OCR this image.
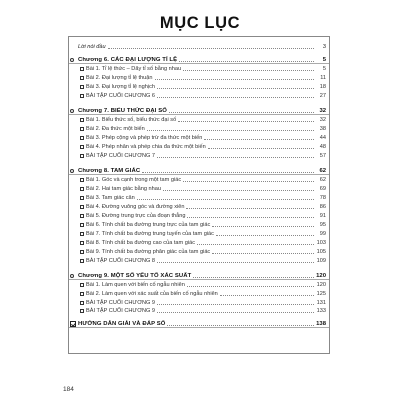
MỤC LỤC
Lời nói đầu	3
Chương 6. CÁC ĐẠI LƯỢNG TỈ LỆ	5
Bài 1. Tỉ lệ thức – Dãy tỉ số bằng nhau	5
Bài 2. Đại lượng tỉ lệ thuận	11
Bài 3. Đại lượng tỉ lệ nghịch	18
BÀI TẬP CUỐI CHƯƠNG 6	27
Chương 7. BIỂU THỨC ĐẠI SỐ	32
Bài 1. Biểu thức số, biểu thức đại số	32
Bài 2. Đa thức một biến	38
Bài 3. Phép cộng và phép trừ đa thức một biến	44
Bài 4. Phép nhân và phép chia đa thức một biến	48
BÀI TẬP CUỐI CHƯƠNG 7	57
Chương 8. TAM GIÁC	62
Bài 1. Góc và cạnh trong một tam giác	62
Bài 2. Hai tam giác bằng nhau	69
Bài 3. Tam giác cân	78
Bài 4. Đường vuông góc và đường xiên	86
Bài 5. Đường trung trực của đoạn thẳng	91
Bài 6. Tính chất ba đường trung trực của tam giác	95
Bài 7. Tính chất ba đường trung tuyến của tam giác	99
Bài 8. Tính chất ba đường cao của tam giác	103
Bài 9. Tính chất ba đường phân giác của tam giác	105
BÀI TẬP CUỐI CHƯƠNG 8	109
Chương 9. MỘT SỐ YẾU TỐ XÁC SUẤT	120
Bài 1. Làm quen với biến cố ngẫu nhiên	120
Bài 2. Làm quen với xác suất của biến cố ngẫu nhiên	125
BÀI TẬP CUỐI CHƯƠNG 9	131
BÀI TẬP CUỐI CHƯƠNG 9	133
HƯỚNG DẪN GIẢI VÀ ĐÁP SỐ	138
184
